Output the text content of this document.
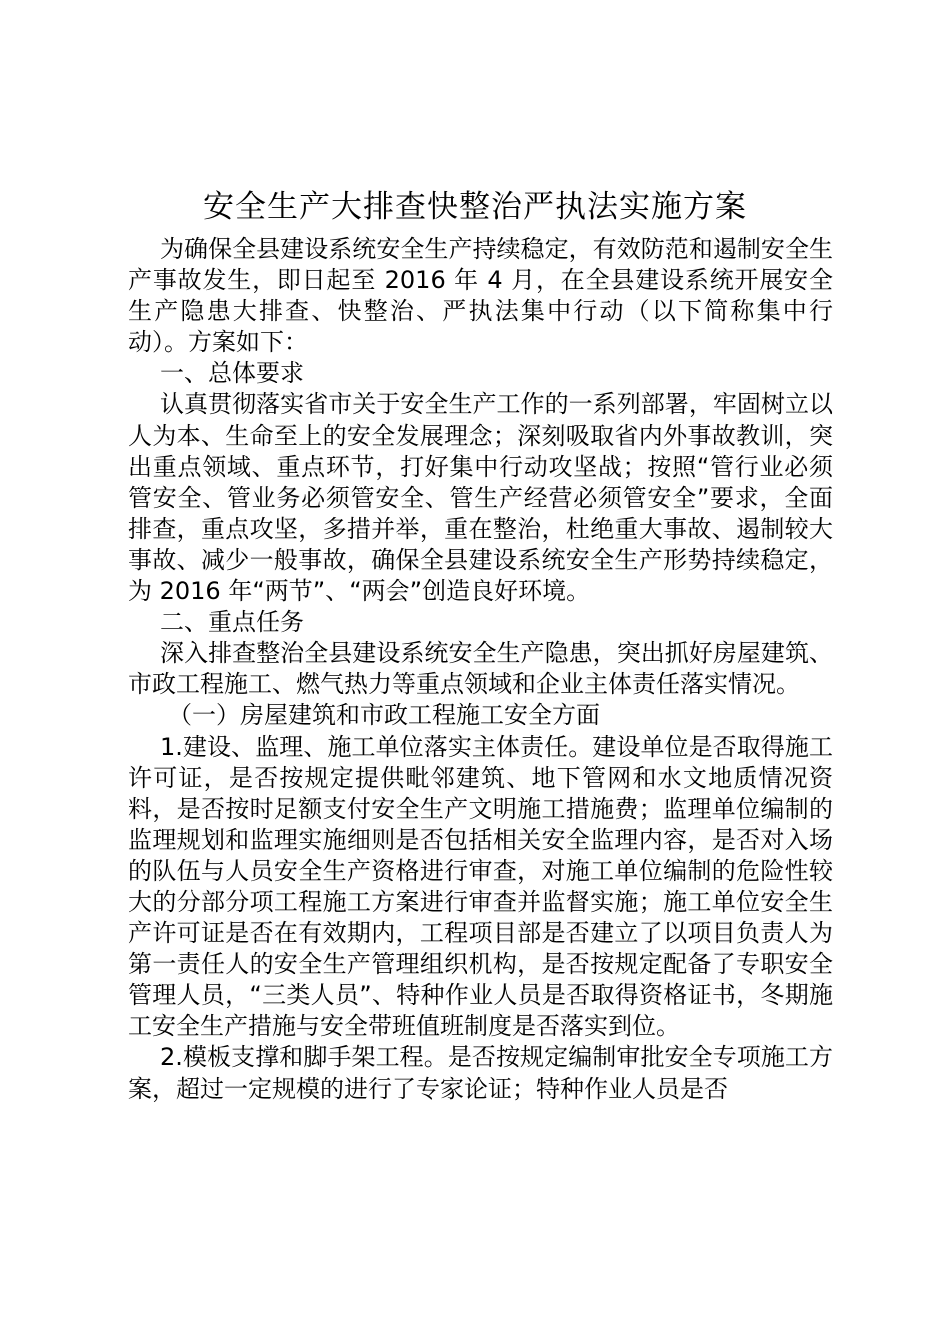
安全生产大排查快整治严执法实施方案

为确保全县建设系统安全生产持续稳定，有效防范和遏制安全生产事故发生，即日起至 2016 年 4 月，在全县建设系统开展安全生产隐患大排查、快整治、严执法集中行动（以下简称集中行动）。方案如下：

一、总体要求

认真贯彻落实省市关于安全生产工作的一系列部署，牢固树立以人为本、生命至上的安全发展理念；深刻吸取省内外事故教训，突出重点领域、重点环节，打好集中行动攻坚战；按照“管行业必须管安全、管业务必须管安全、管生产经营必须管安全”要求，全面排查，重点攻坚，多措并举，重在整治，杜绝重大事故、遏制较大事故、减少一般事故，确保全县建设系统安全生产形势持续稳定，为 2016 年“两节”、“两会”创造良好环境。

二、重点任务

深入排查整治全县建设系统安全生产隐患，突出抓好房屋建筑、市政工程施工、燃气热力等重点领域和企业主体责任落实情况。

（一）房屋建筑和市政工程施工安全方面

1.建设、监理、施工单位落实主体责任。建设单位是否取得施工许可证，是否按规定提供毗邻建筑、地下管网和水文地质情况资料，是否按时足额支付安全生产文明施工措施费；监理单位编制的监理规划和监理实施细则是否包括相关安全监理内容，是否对入场的队伍与人员安全生产资格进行审查，对施工单位编制的危险性较大的分部分项工程施工方案进行审查并监督实施；施工单位安全生产许可证是否在有效期内，工程项目部是否建立了以项目负责人为第一责任人的安全生产管理组织机构，是否按规定配备了专职安全管理人员，“三类人员”、特种作业人员是否取得资格证书，冬期施工安全生产措施与安全带班值班制度是否落实到位。

2.模板支撑和脚手架工程。是否按规定编制审批安全专项施工方案，超过一定规模的进行了专家论证；特种作业人员是否
